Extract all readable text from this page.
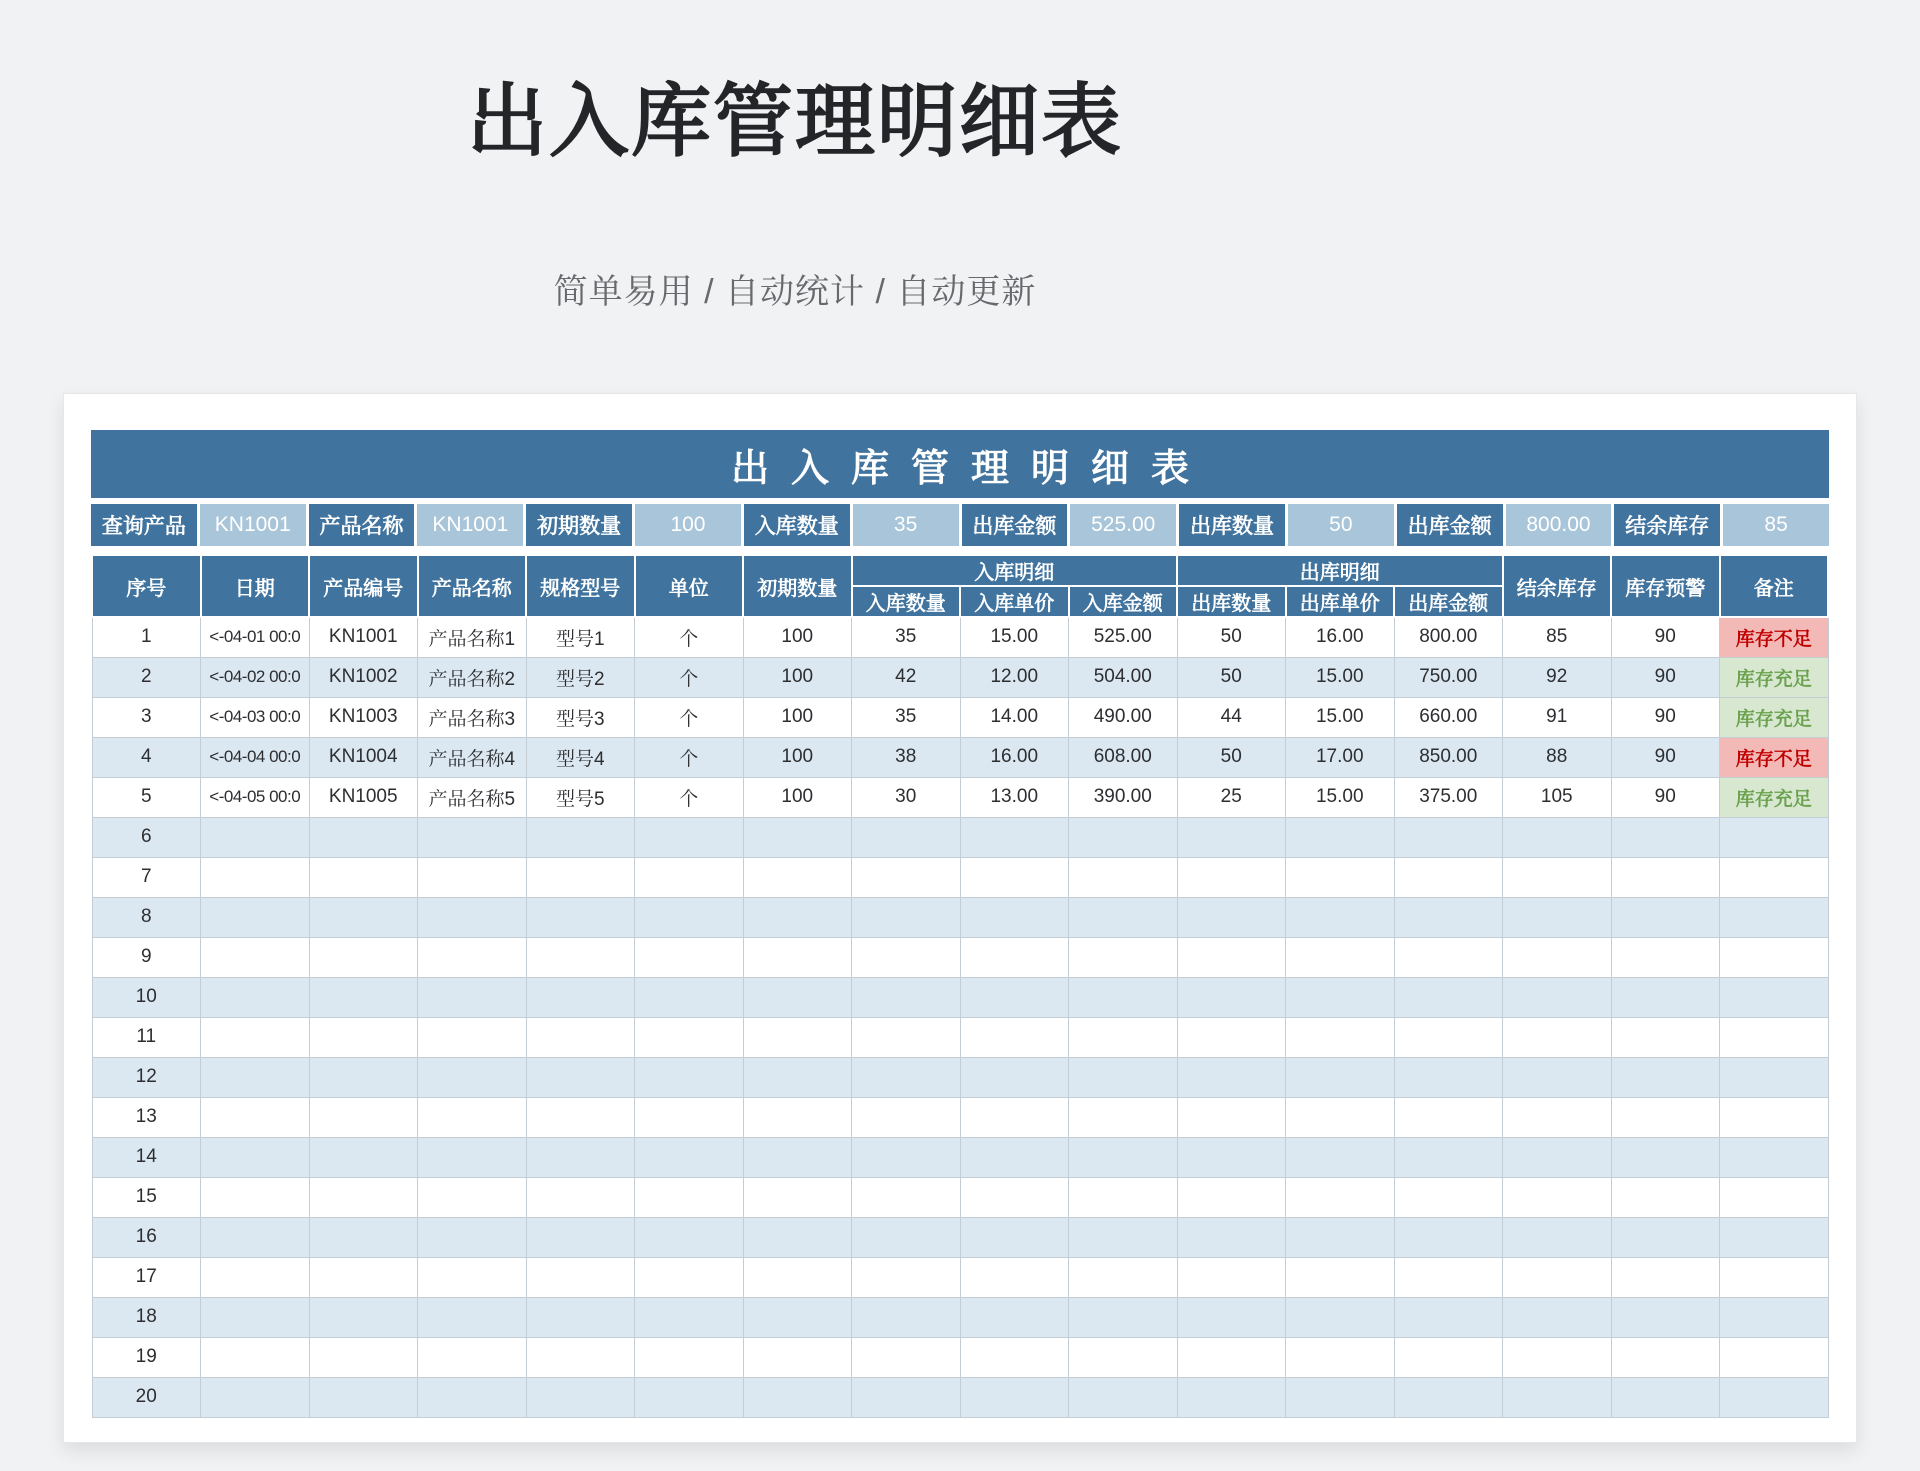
出入库管理明细表
简单易用 / 自动统计 / 自动更新
出入库管理明细表
查询产品	KN1001	产品名称	KN1001	初期数量	100	入库数量	35	出库金额	525.00	出库数量	50	出库金额	800.00	结余库存	85
序号	日期	产品编号	产品名称	规格型号	单位	初期数量	入库明细			出库明细			结余库存	库存预警	备注
							入库数量	入库单价	入库金额	出库数量	出库单价	出库金额			
1	<-04-01 00:0	KN1001	产品名称1	型号1	个	100	35	15.00	525.00	50	16.00	800.00	85	90	库存不足
2	<-04-02 00:0	KN1002	产品名称2	型号2	个	100	42	12.00	504.00	50	15.00	750.00	92	90	库存充足
3	<-04-03 00:0	KN1003	产品名称3	型号3	个	100	35	14.00	490.00	44	15.00	660.00	91	90	库存充足
4	<-04-04 00:0	KN1004	产品名称4	型号4	个	100	38	16.00	608.00	50	17.00	850.00	88	90	库存不足
5	<-04-05 00:0	KN1005	产品名称5	型号5	个	100	30	13.00	390.00	25	15.00	375.00	105	90	库存充足
6															
7															
8															
9															
10															
11															
12															
13															
14															
15															
16															
17															
18															
19															
20															
